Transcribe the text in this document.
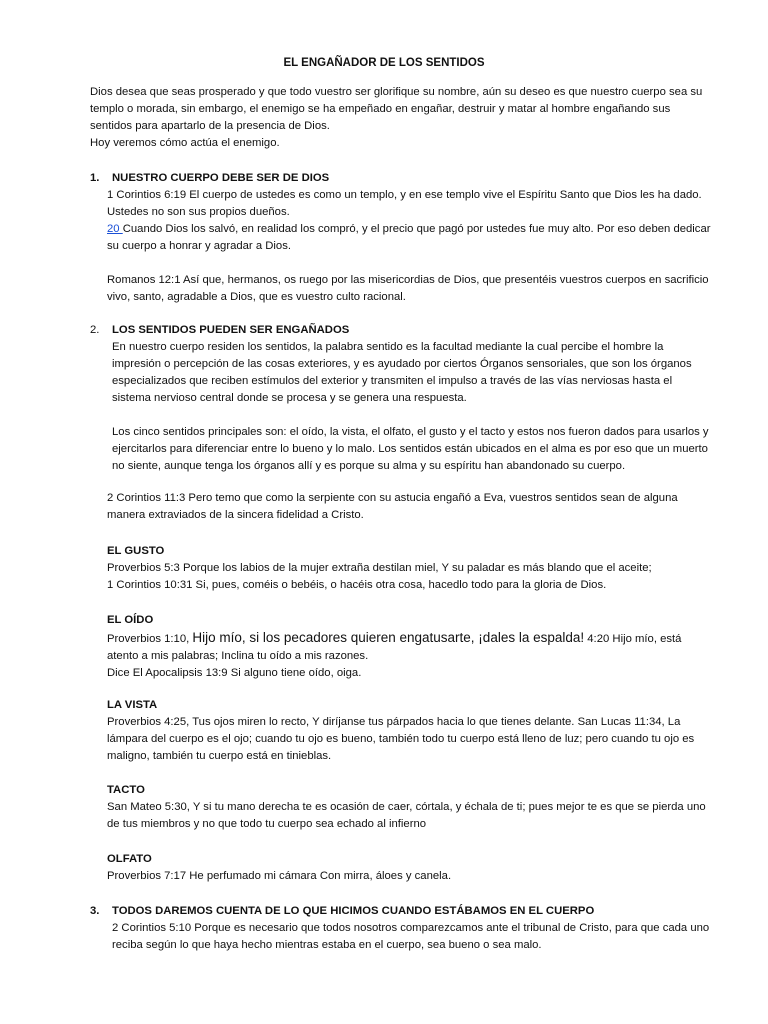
EL ENGAÑADOR DE LOS SENTIDOS

Dios desea que seas prosperado y que todo vuestro ser glorifique su nombre, aún su deseo es que nuestro cuerpo sea su templo o morada, sin embargo, el enemigo se ha empeñado en engañar, destruir y matar al hombre engañando sus sentidos para apartarlo de la presencia de Dios.

Hoy veremos cómo actúa el enemigo.

1. NUESTRO CUERPO DEBE SER DE DIOS

1 Corintios 6:19 El cuerpo de ustedes es como un templo, y en ese templo vive el Espíritu Santo que Dios les ha dado. Ustedes no son sus propios dueños.

20 Cuando Dios los salvó, en realidad los compró, y el precio que pagó por ustedes fue muy alto. Por eso deben dedicar su cuerpo a honrar y agradar a Dios.

Romanos 12:1 Así que, hermanos, os ruego por las misericordias de Dios, que presentéis vuestros cuerpos en sacrificio vivo, santo, agradable a Dios, que es vuestro culto racional.

2. LOS SENTIDOS PUEDEN SER ENGAÑADOS

En nuestro cuerpo residen los sentidos, la palabra sentido es la facultad mediante la cual percibe el hombre la impresión o percepción de las cosas exteriores, y es ayudado por ciertos Órganos sensoriales, que son los órganos especializados que reciben estímulos del exterior y transmiten el impulso a través de las vías nerviosas hasta el sistema nervioso central donde se procesa y se genera una respuesta.

Los cinco sentidos principales son: el oído, la vista, el olfato, el gusto y el tacto y estos nos fueron dados para usarlos y ejercitarlos para diferenciar entre lo bueno y lo malo. Los sentidos están ubicados en el alma es por eso que un muerto no siente, aunque tenga los órganos allí y es porque su alma y su espíritu han abandonado su cuerpo.

2 Corintios 11:3 Pero temo que como la serpiente con su astucia engañó a Eva, vuestros sentidos sean de alguna manera extraviados de la sincera fidelidad a Cristo.

EL GUSTO

Proverbios 5:3 Porque los labios de la mujer extraña destilan miel, Y su paladar es más blando que el aceite;

1 Corintios 10:31 Si, pues, coméis o bebéis, o hacéis otra cosa, hacedlo todo para la gloria de Dios.

EL OÍDO

Proverbios 1:10, Hijo mío, si los pecadores quieren engatusarte, ¡dales la espalda! 4:20 Hijo mío, está atento a mis palabras; Inclina tu oído a mis razones.

Dice El Apocalipsis 13:9 Si alguno tiene oído, oiga.

LA VISTA

Proverbios 4:25, Tus ojos miren lo recto, Y diríjanse tus párpados hacia lo que tienes delante. San Lucas 11:34, La lámpara del cuerpo es el ojo; cuando tu ojo es bueno, también todo tu cuerpo está lleno de luz; pero cuando tu ojo es maligno, también tu cuerpo está en tinieblas.

TACTO

San Mateo 5:30, Y si tu mano derecha te es ocasión de caer, córtala, y échala de ti; pues mejor te es que se pierda uno de tus miembros y no que todo tu cuerpo sea echado al infierno

OLFATO

Proverbios 7:17 He perfumado mi cámara Con mirra, áloes y canela.

3. TODOS DAREMOS CUENTA DE LO QUE HICIMOS CUANDO ESTÁBAMOS EN EL CUERPO

2 Corintios 5:10 Porque es necesario que todos nosotros comparezcamos ante el tribunal de Cristo, para que cada uno reciba según lo que haya hecho mientras estaba en el cuerpo, sea bueno o sea malo.
